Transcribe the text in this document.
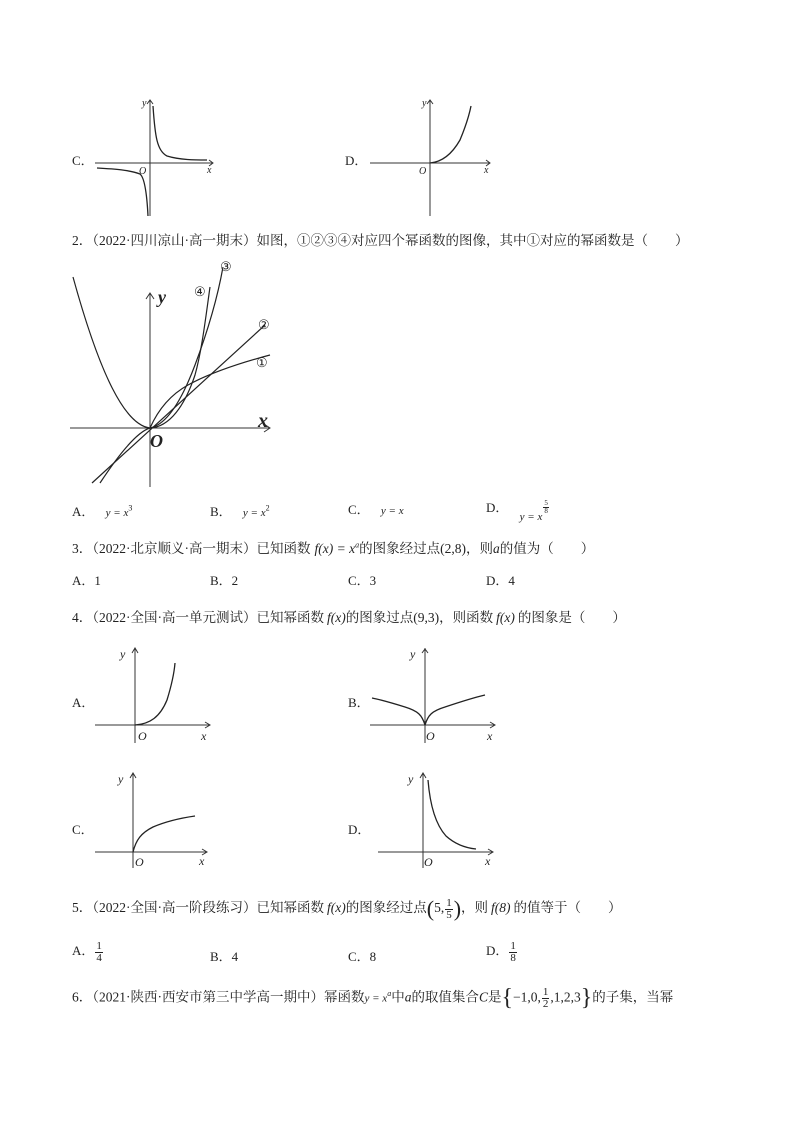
C．
y
x
O
D．
y
x
O
2．（2022·四川凉山·高一期末）如图，①②③④对应四个幂函数的图像，其中①对应的幂函数是（　　）
y
x
O
①
②
③
④
A． $y = x^3$	B． $y = x^2$	C． y = x	D． $_{y = x}$
$\frac{5}{8}$
3．（2022·北京顺义·高一期末）已知函数 $f(x) = x^a$的图象经过点(2,8)，则a的值为（　　）
A．1	B．2	C．3	D．4
4．（2022·全国·高一单元测试）已知幂函数 f(x)的图象过点(9,3)，则函数 f(x) 的图象是（　　）
A．
y
x
O
B．
y
x
O
C．
y
x
O
D．
y
x
O
5．（2022·全国·高一阶段练习）已知幂函数 f(x)的图象经过点(5, $\frac{1}{5}$ )，则 f(8) 的值等于（　　）
A． $\frac{1}{4}$	B．4	C．8	D． $\frac{1}{8}$
6．（2021·陕西·西安市第三中学高一期中）幂函数$y = x^a$中a的取值集合C是{−1,0, $\frac{1}{2} ,1,2,3$}的子集，当幂
